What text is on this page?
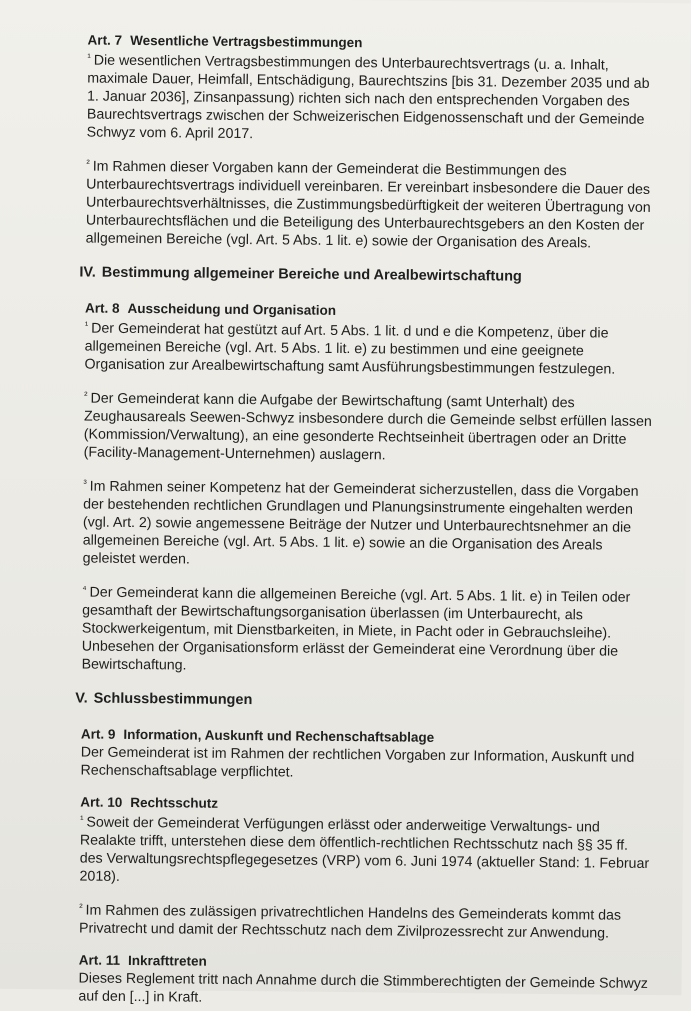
Art. 7 Wesentliche Vertragsbestimmungen

$^{^1}$ Die wesentlichen Vertragsbestimmungen des Unterbaurechtsvertrags (u. a. Inhalt, maximale Dauer, Heimfall, Entschädigung, Baurechtszins [bis 31. Dezember 2035 und ab 1. Januar 2036], Zinsanpassung) richten sich nach den entsprechenden Vorgaben des Baurechtsvertrags zwischen der Schweizerischen Eidgenossenschaft und der Gemeinde Schwyz vom 6. April 2017.

$^{^2}$ Im Rahmen dieser Vorgaben kann der Gemeinderat die Bestimmungen des Unterbaurechtsvertrags individuell vereinbaren. Er vereinbart insbesondere die Dauer des Unterbaurechtsverhältnisses, die Zustimmungsbedürftigkeit der weiteren Übertragung von Unterbaurechtsflächen und die Beteiligung des Unterbaurechtsgebers an den Kosten der allgemeinen Bereiche (vgl. Art. 5 Abs. 1 lit. e) sowie der Organisation des Areals.

IV. Bestimmung allgemeiner Bereiche und Arealbewirtschaftung
Art. 8 Ausscheidung und Organisation

$^{^1}$ Der Gemeinderat hat gestützt auf Art. 5 Abs. 1 lit. d und e die Kompetenz, über die allgemeinen Bereiche (vgl. Art. 5 Abs. 1 lit. e) zu bestimmen und eine geeignete Organisation zur Arealbewirtschaftung samt Ausführungsbestimmungen festzulegen.

$^{^2}$ Der Gemeinderat kann die Aufgabe der Bewirtschaftung (samt Unterhalt) des Zeughausareals Seewen-Schwyz insbesondere durch die Gemeinde selbst erfüllen lassen (Kommission/Verwaltung), an eine gesonderte Rechtseinheit übertragen oder an Dritte (Facility-Management-Unternehmen) auslagern.

$^{^3}$ Im Rahmen seiner Kompetenz hat der Gemeinderat sicherzustellen, dass die Vorgaben der bestehenden rechtlichen Grundlagen und Planungsinstrumente eingehalten werden (vgl. Art. 2) sowie angemessene Beiträge der Nutzer und Unterbaurechtsnehmer an die allgemeinen Bereiche (vgl. Art. 5 Abs. 1 lit. e) sowie an die Organisation des Areals geleistet werden.

$^{^4}$ Der Gemeinderat kann die allgemeinen Bereiche (vgl. Art. 5 Abs. 1 lit. e) in Teilen oder gesamthaft der Bewirtschaftungsorganisation überlassen (im Unterbaurecht, als Stockwerkeigentum, mit Dienstbarkeiten, in Miete, in Pacht oder in Gebrauchsleihe). Unbesehen der Organisationsform erlässt der Gemeinderat eine Verordnung über die Bewirtschaftung.

V. Schlussbestimmungen
Art. 9 Information, Auskunft und Rechenschaftsablage

Der Gemeinderat ist im Rahmen der rechtlichen Vorgaben zur Information, Auskunft und Rechenschaftsablage verpflichtet.

Art. 10 Rechtsschutz

$^{^1}$ Soweit der Gemeinderat Verfügungen erlässt oder anderweitige Verwaltungs- und Realakte trifft, unterstehen diese dem öffentlich-rechtlichen Rechtsschutz nach §§ 35 ff. des Verwaltungsrechtspflegegesetzes (VRP) vom 6. Juni 1974 (aktueller Stand: 1. Februar 2018).

$^{^2}$ Im Rahmen des zulässigen privatrechtlichen Handelns des Gemeinderats kommt das Privatrecht und damit der Rechtsschutz nach dem Zivilprozessrecht zur Anwendung.

Art. 11 Inkrafttreten

Dieses Reglement tritt nach Annahme durch die Stimmberechtigten der Gemeinde Schwyz auf den [...] in Kraft.
